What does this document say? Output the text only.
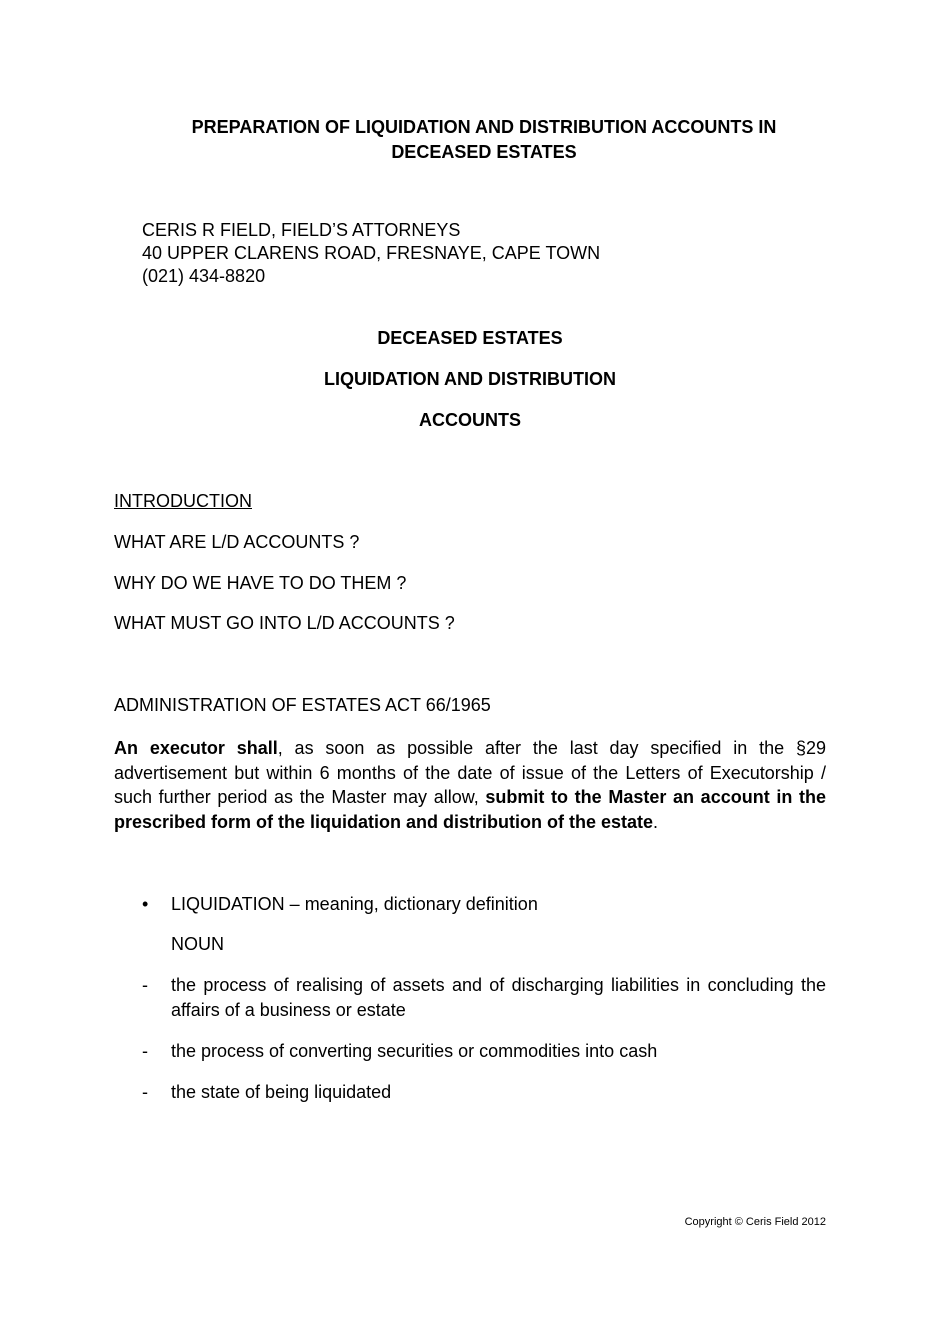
PREPARATION OF LIQUIDATION AND DISTRIBUTION ACCOUNTS IN
DECEASED ESTATES
CERIS R FIELD, FIELD’S ATTORNEYS
40 UPPER CLARENS ROAD, FRESNAYE, CAPE TOWN
(021) 434-8820
DECEASED ESTATES
LIQUIDATION AND DISTRIBUTION
ACCOUNTS
INTRODUCTION
WHAT ARE L/D ACCOUNTS ?
WHY DO WE HAVE TO DO THEM ?
WHAT MUST GO INTO L/D ACCOUNTS ?
ADMINISTRATION OF ESTATES ACT 66/1965
An executor shall, as soon as possible after the last day specified in the §29 advertisement but within 6 months of the date of issue of the Letters of Executorship / such further period as the Master may allow, submit to the Master an account in the prescribed form of the liquidation and distribution of the estate.
•	LIQUIDATION – meaning, dictionary definition
NOUN
-	the process of realising of assets and of discharging liabilities in concluding the affairs of a business or estate
-	the process of converting securities or commodities into cash
-	the state of being liquidated
Copyright © Ceris Field 2012
